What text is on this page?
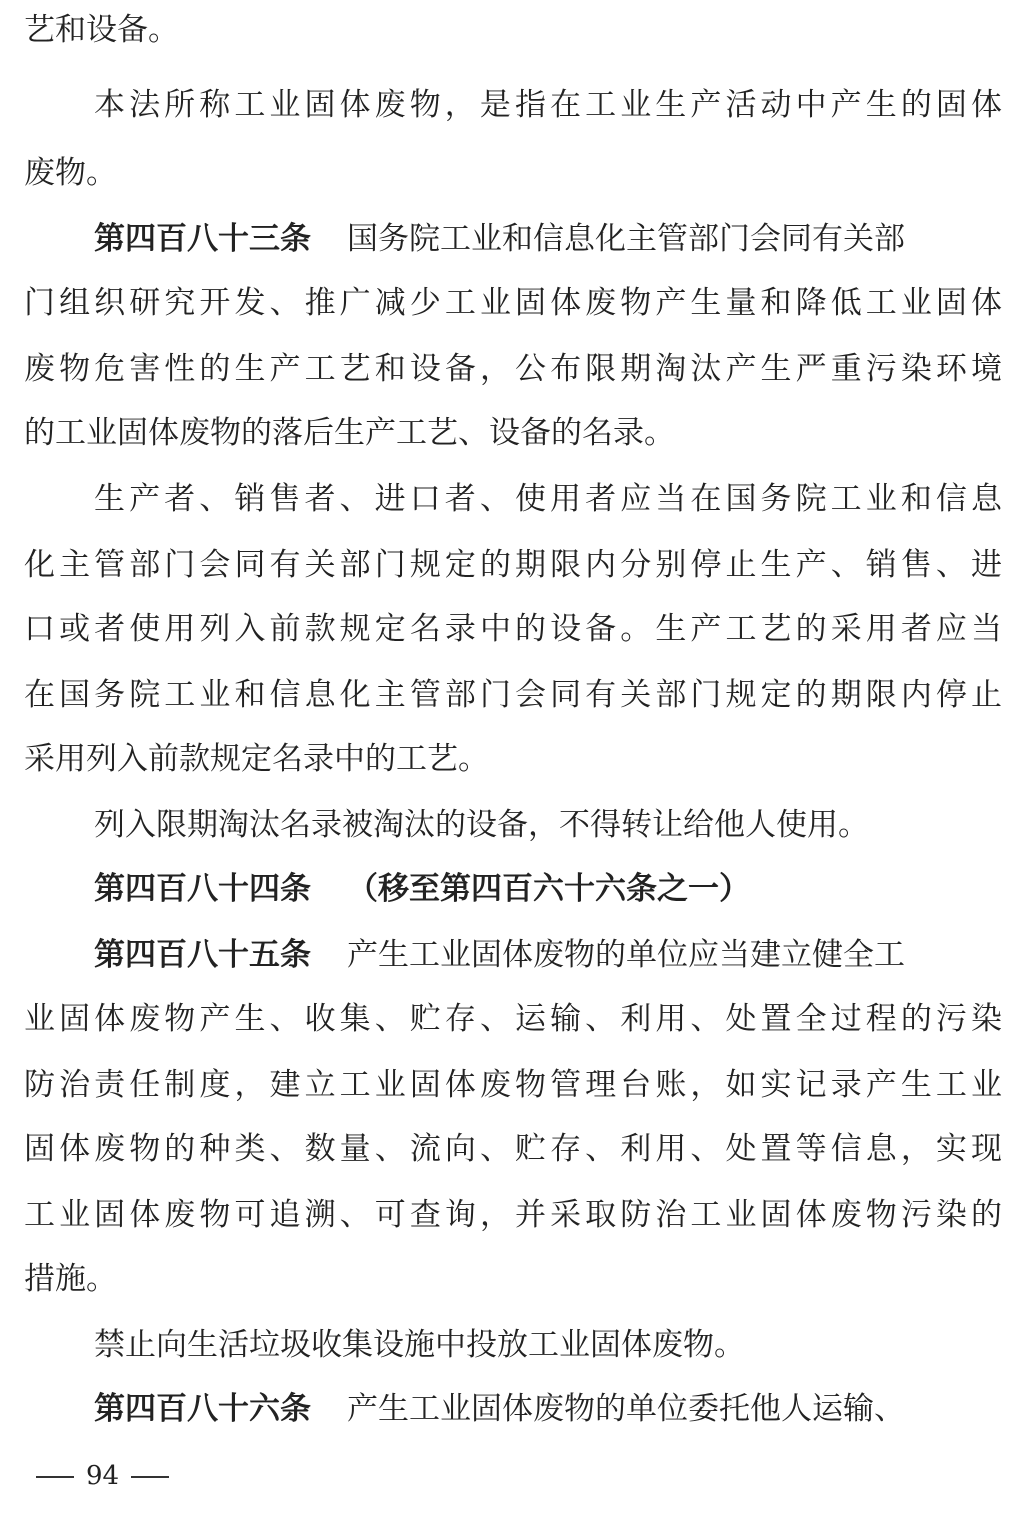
艺和设备。
本法所称工业固体废物，是指在工业生产活动中产生的固体
废物。
第四百八十三条 国务院工业和信息化主管部门会同有关部
门组织研究开发、推广减少工业固体废物产生量和降低工业固体
废物危害性的生产工艺和设备，公布限期淘汰产生严重污染环境
的工业固体废物的落后生产工艺、设备的名录。
生产者、销售者、进口者、使用者应当在国务院工业和信息
化主管部门会同有关部门规定的期限内分别停止生产、销售、进
口或者使用列入前款规定名录中的设备。生产工艺的采用者应当
在国务院工业和信息化主管部门会同有关部门规定的期限内停止
采用列入前款规定名录中的工艺。
列入限期淘汰名录被淘汰的设备，不得转让给他人使用。
第四百八十四条 （移至第四百六十六条之一）
第四百八十五条 产生工业固体废物的单位应当建立健全工
业固体废物产生、收集、贮存、运输、利用、处置全过程的污染
防治责任制度，建立工业固体废物管理台账，如实记录产生工业
固体废物的种类、数量、流向、贮存、利用、处置等信息，实现
工业固体废物可追溯、可查询，并采取防治工业固体废物污染的
措施。
禁止向生活垃圾收集设施中投放工业固体废物。
第四百八十六条 产生工业固体废物的单位委托他人运输、
94
